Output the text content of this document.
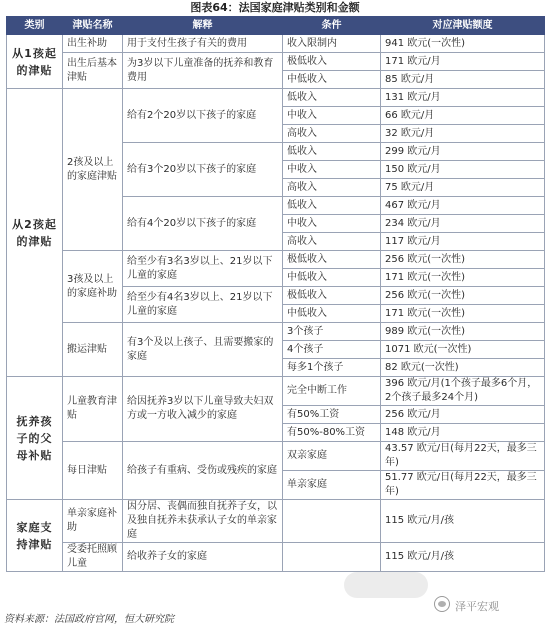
图表64：法国家庭津贴类别和金额
类别	津贴名称	解释	条件	对应津贴额度
从1孩起的津贴	出生补助	用于支付生孩子有关的费用	收入限制内	941 欧元(一次性)
	出生后基本津贴	为3岁以下儿童准备的抚养和教育费用	极低收入	171 欧元/月
			中低收入	85 欧元/月
从2孩起的津贴	2孩及以上的家庭津贴	给有2个20岁以下孩子的家庭	低收入	131 欧元/月
			中收入	66 欧元/月
			高收入	32 欧元/月
		给有3个20岁以下孩子的家庭	低收入	299 欧元/月
			中收入	150 欧元/月
			高收入	75 欧元/月
		给有4个20岁以下孩子的家庭	低收入	467 欧元/月
			中收入	234 欧元/月
			高收入	117 欧元/月
	3孩及以上的家庭补助	给至少有3名3岁以上、21岁以下儿童的家庭	极低收入	256 欧元(一次性)
			中低收入	171 欧元(一次性)
		给至少有4名3岁以上、21岁以下儿童的家庭	极低收入	256 欧元(一次性)
			中低收入	171 欧元(一次性)
	搬运津贴	有3个及以上孩子、且需要搬家的家庭	3个孩子	989 欧元(一次性)
			4个孩子	1071 欧元(一次性)
			每多1个孩子	82 欧元(一次性)
抚养孩子的父母补贴	儿童教育津贴	给因抚养3岁以下儿童导致夫妇双方或一方收入减少的家庭	完全中断工作	396 欧元/月(1个孩子最多6个月，2个孩子最多24个月)
			有50%工资	256 欧元/月
			有50%-80%工资	148 欧元/月
	每日津贴	给孩子有重病、受伤或残疾的家庭	双亲家庭	43.57 欧元/日(每月22天，最多三年)
			单亲家庭	51.77 欧元/日(每月22天，最多三年)
家庭支持津贴	单亲家庭补助	因分居、丧偶而独自抚养子女，以及独自抚养未获承认子女的单亲家庭		115 欧元/月/孩
	受委托照顾儿童	给收养子女的家庭		115 欧元/月/孩
泽平宏观
资料来源：法国政府官网，恒大研究院
